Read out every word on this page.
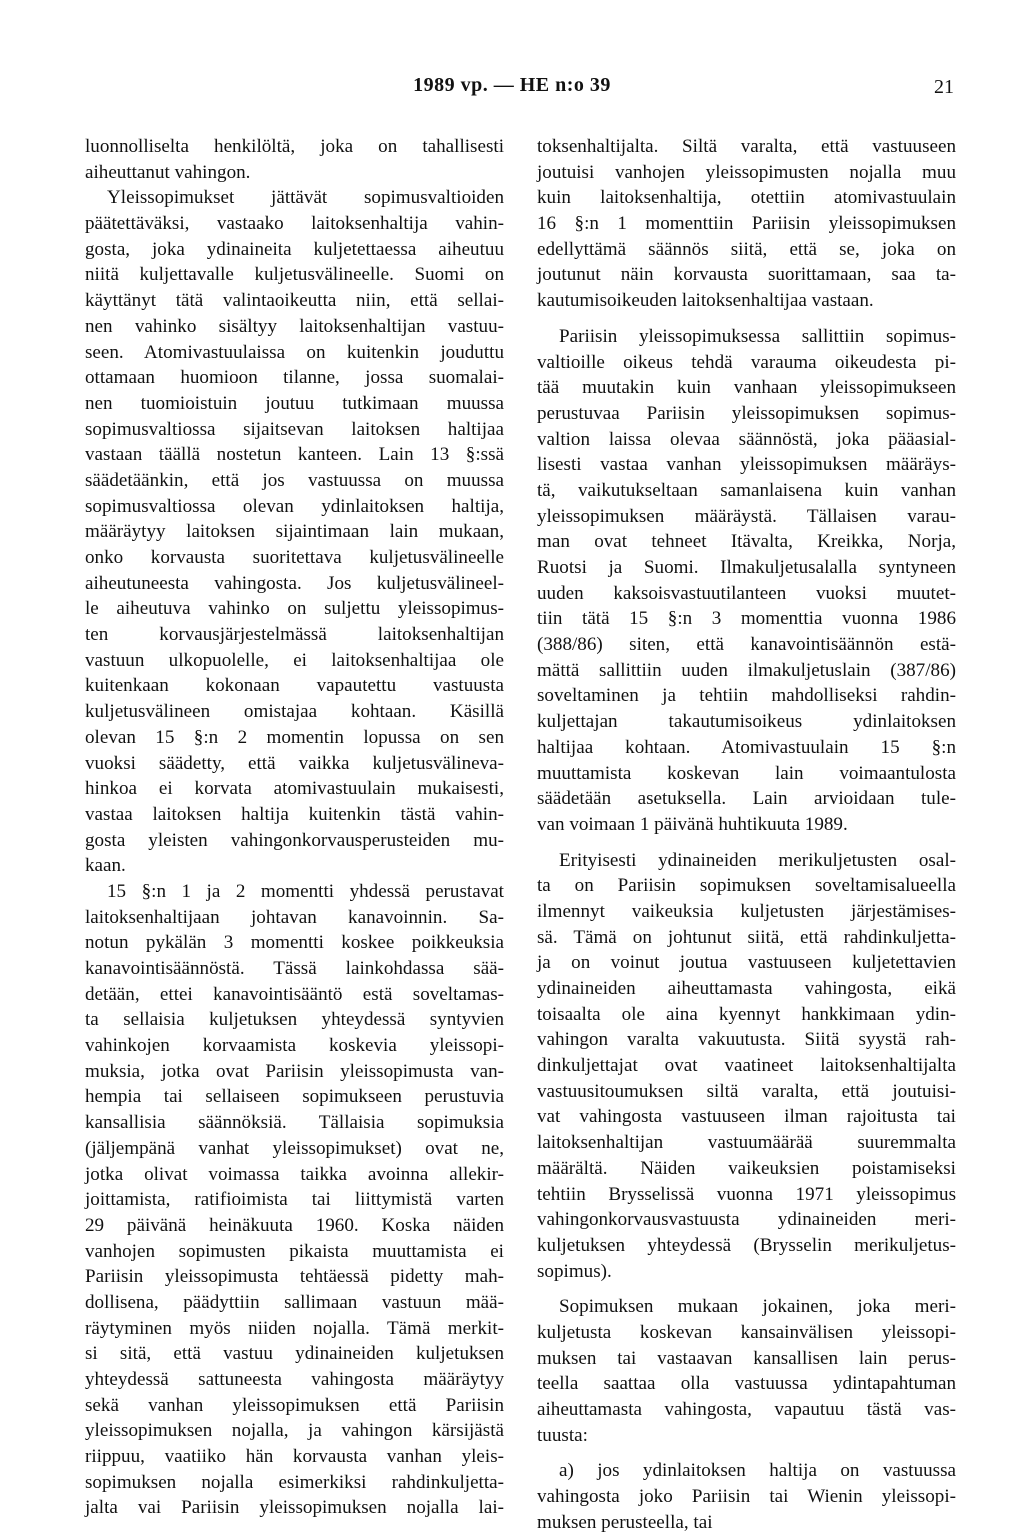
1989 vp. — HE n:o 39	21
luonnolliselta henkilöltä, joka on tahallisesti
aiheuttanut vahingon.
Yleissopimukset jättävät sopimusvaltioiden
päätettäväksi, vastaako laitoksenhaltija vahin-
gosta, joka ydinaineita kuljetettaessa aiheutuu
niitä kuljettavalle kuljetusvälineelle. Suomi on
käyttänyt tätä valintaoikeutta niin, että sellai-
nen vahinko sisältyy laitoksenhaltijan vastuu-
seen. Atomivastuulaissa on kuitenkin jouduttu
ottamaan huomioon tilanne, jossa suomalai-
nen tuomioistuin joutuu tutkimaan muussa
sopimusvaltiossa sijaitsevan laitoksen haltijaa
vastaan täällä nostetun kanteen. Lain 13 §:ssä
säädetäänkin, että jos vastuussa on muussa
sopimusvaltiossa olevan ydinlaitoksen haltija,
määräytyy laitoksen sijaintimaan lain mukaan,
onko korvausta suoritettava kuljetusvälineelle
aiheutuneesta vahingosta. Jos kuljetusvälineel-
le aiheutuva vahinko on suljettu yleissopimus-
ten korvausjärjestelmässä laitoksenhaltijan
vastuun ulkopuolelle, ei laitoksenhaltijaa ole
kuitenkaan kokonaan vapautettu vastuusta
kuljetusvälineen omistajaa kohtaan. Käsillä
olevan 15 §:n 2 momentin lopussa on sen
vuoksi säädetty, että vaikka kuljetusvälineva-
hinkoa ei korvata atomivastuulain mukaisesti,
vastaa laitoksen haltija kuitenkin tästä vahin-
gosta yleisten vahingonkorvausperusteiden mu-
kaan.
15 §:n 1 ja 2 momentti yhdessä perustavat
laitoksenhaltijaan johtavan kanavoinnin. Sa-
notun pykälän 3 momentti koskee poikkeuksia
kanavointisäännöstä. Tässä lainkohdassa sää-
detään, ettei kanavointisääntö estä soveltamas-
ta sellaisia kuljetuksen yhteydessä syntyvien
vahinkojen korvaamista koskevia yleissopi-
muksia, jotka ovat Pariisin yleissopimusta van-
hempia tai sellaiseen sopimukseen perustuvia
kansallisia säännöksiä. Tällaisia sopimuksia
(jäljempänä vanhat yleissopimukset) ovat ne,
jotka olivat voimassa taikka avoinna allekir-
joittamista, ratifioimista tai liittymistä varten
29 päivänä heinäkuuta 1960. Koska näiden
vanhojen sopimusten pikaista muuttamista ei
Pariisin yleissopimusta tehtäessä pidetty mah-
dollisena, päädyttiin sallimaan vastuun mää-
räytyminen myös niiden nojalla. Tämä merkit-
si sitä, että vastuu ydinaineiden kuljetuksen
yhteydessä sattuneesta vahingosta määräytyy
sekä vanhan yleissopimuksen että Pariisin
yleissopimuksen nojalla, ja vahingon kärsijästä
riippuu, vaatiiko hän korvausta vanhan yleis-
sopimuksen nojalla esimerkiksi rahdinkuljetta-
jalta vai Pariisin yleissopimuksen nojalla lai-
toksenhaltijalta. Siltä varalta, että vastuuseen
joutuisi vanhojen yleissopimusten nojalla muu
kuin laitoksenhaltija, otettiin atomivastuulain
16 §:n 1 momenttiin Pariisin yleissopimuksen
edellyttämä säännös siitä, että se, joka on
joutunut näin korvausta suorittamaan, saa ta-
kautumisoikeuden laitoksenhaltijaa vastaan.
Pariisin yleissopimuksessa sallittiin sopimus-
valtioille oikeus tehdä varauma oikeudesta pi-
tää muutakin kuin vanhaan yleissopimukseen
perustuvaa Pariisin yleissopimuksen sopimus-
valtion laissa olevaa säännöstä, joka pääasial-
lisesti vastaa vanhan yleissopimuksen määräys-
tä, vaikutukseltaan samanlaisena kuin vanhan
yleissopimuksen määräystä. Tällaisen varau-
man ovat tehneet Itävalta, Kreikka, Norja,
Ruotsi ja Suomi. Ilmakuljetusalalla syntyneen
uuden kaksoisvastuutilanteen vuoksi muutet-
tiin tätä 15 §:n 3 momenttia vuonna 1986
(388/86) siten, että kanavointisäännön estä-
mättä sallittiin uuden ilmakuljetuslain (387/86)
soveltaminen ja tehtiin mahdolliseksi rahdin-
kuljettajan takautumisoikeus ydinlaitoksen
haltijaa kohtaan. Atomivastuulain 15 §:n
muuttamista koskevan lain voimaantulosta
säädetään asetuksella. Lain arvioidaan tule-
van voimaan 1 päivänä huhtikuuta 1989.
Erityisesti ydinaineiden merikuljetusten osal-
ta on Pariisin sopimuksen soveltamisalueella
ilmennyt vaikeuksia kuljetusten järjestämises-
sä. Tämä on johtunut siitä, että rahdinkuljetta-
ja on voinut joutua vastuuseen kuljetettavien
ydinaineiden aiheuttamasta vahingosta, eikä
toisaalta ole aina kyennyt hankkimaan ydin-
vahingon varalta vakuutusta. Siitä syystä rah-
dinkuljettajat ovat vaatineet laitoksenhaltijalta
vastuusitoumuksen siltä varalta, että joutuisi-
vat vahingosta vastuuseen ilman rajoitusta tai
laitoksenhaltijan vastuumäärää suuremmalta
määrältä. Näiden vaikeuksien poistamiseksi
tehtiin Brysselissä vuonna 1971 yleissopimus
vahingonkorvausvastuusta ydinaineiden meri-
kuljetuksen yhteydessä (Brysselin merikuljetus-
sopimus).
Sopimuksen mukaan jokainen, joka meri-
kuljetusta koskevan kansainvälisen yleissopi-
muksen tai vastaavan kansallisen lain perus-
teella saattaa olla vastuussa ydintapahtuman
aiheuttamasta vahingosta, vapautuu tästä vas-
tuusta:
a) jos ydinlaitoksen haltija on vastuussa
vahingosta joko Pariisin tai Wienin yleissopi-
muksen perusteella, tai
